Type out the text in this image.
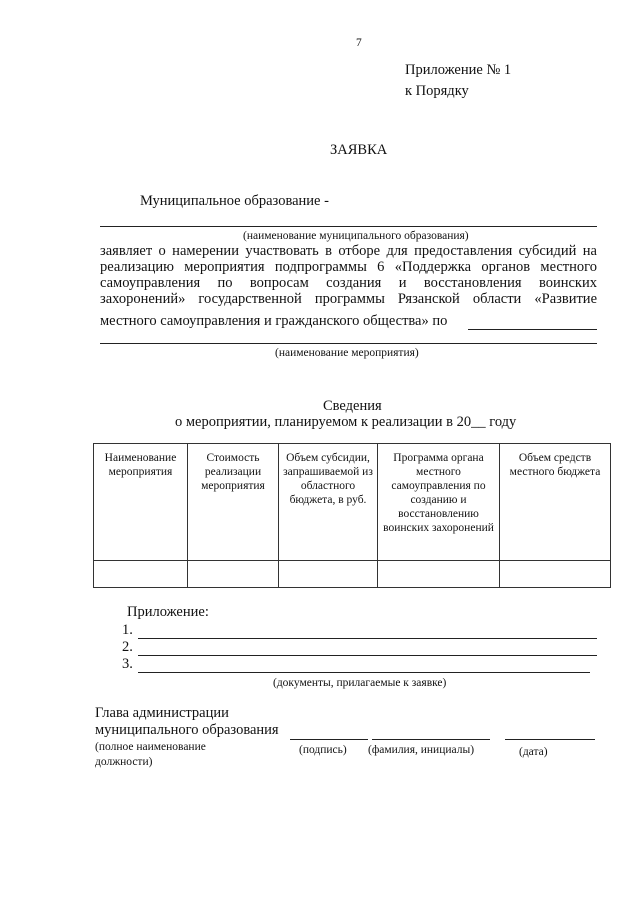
7
Приложение № 1
к Порядку
ЗАЯВКА
Муниципальное образование -
(наименование муниципального образования)
заявляет о намерении участвовать в отборе для предоставления субсидий на
реализацию мероприятия подпрограммы 6 «Поддержка органов местного
самоуправления по вопросам создания и восстановления воинских
захоронений» государственной программы Рязанской области «Развитие
местного самоуправления и гражданского общества» по
(наименование мероприятия)
Сведения
о мероприятии, планируемом к реализации в 20__ году
Наименование мероприятия	Стоимость реализации мероприятия	Объем субсидии, запрашиваемой из областного бюджета, в руб.	Программа органа местного самоуправления по созданию и восстановлению воинских захоронений	Объем средств местного бюджета

Приложение:
1.
2.
3.
(документы, прилагаемые к заявке)
Глава администрации
муниципального образования
(полное наименование
должности)
(подпись) (фамилия, инициалы)	(дата)
